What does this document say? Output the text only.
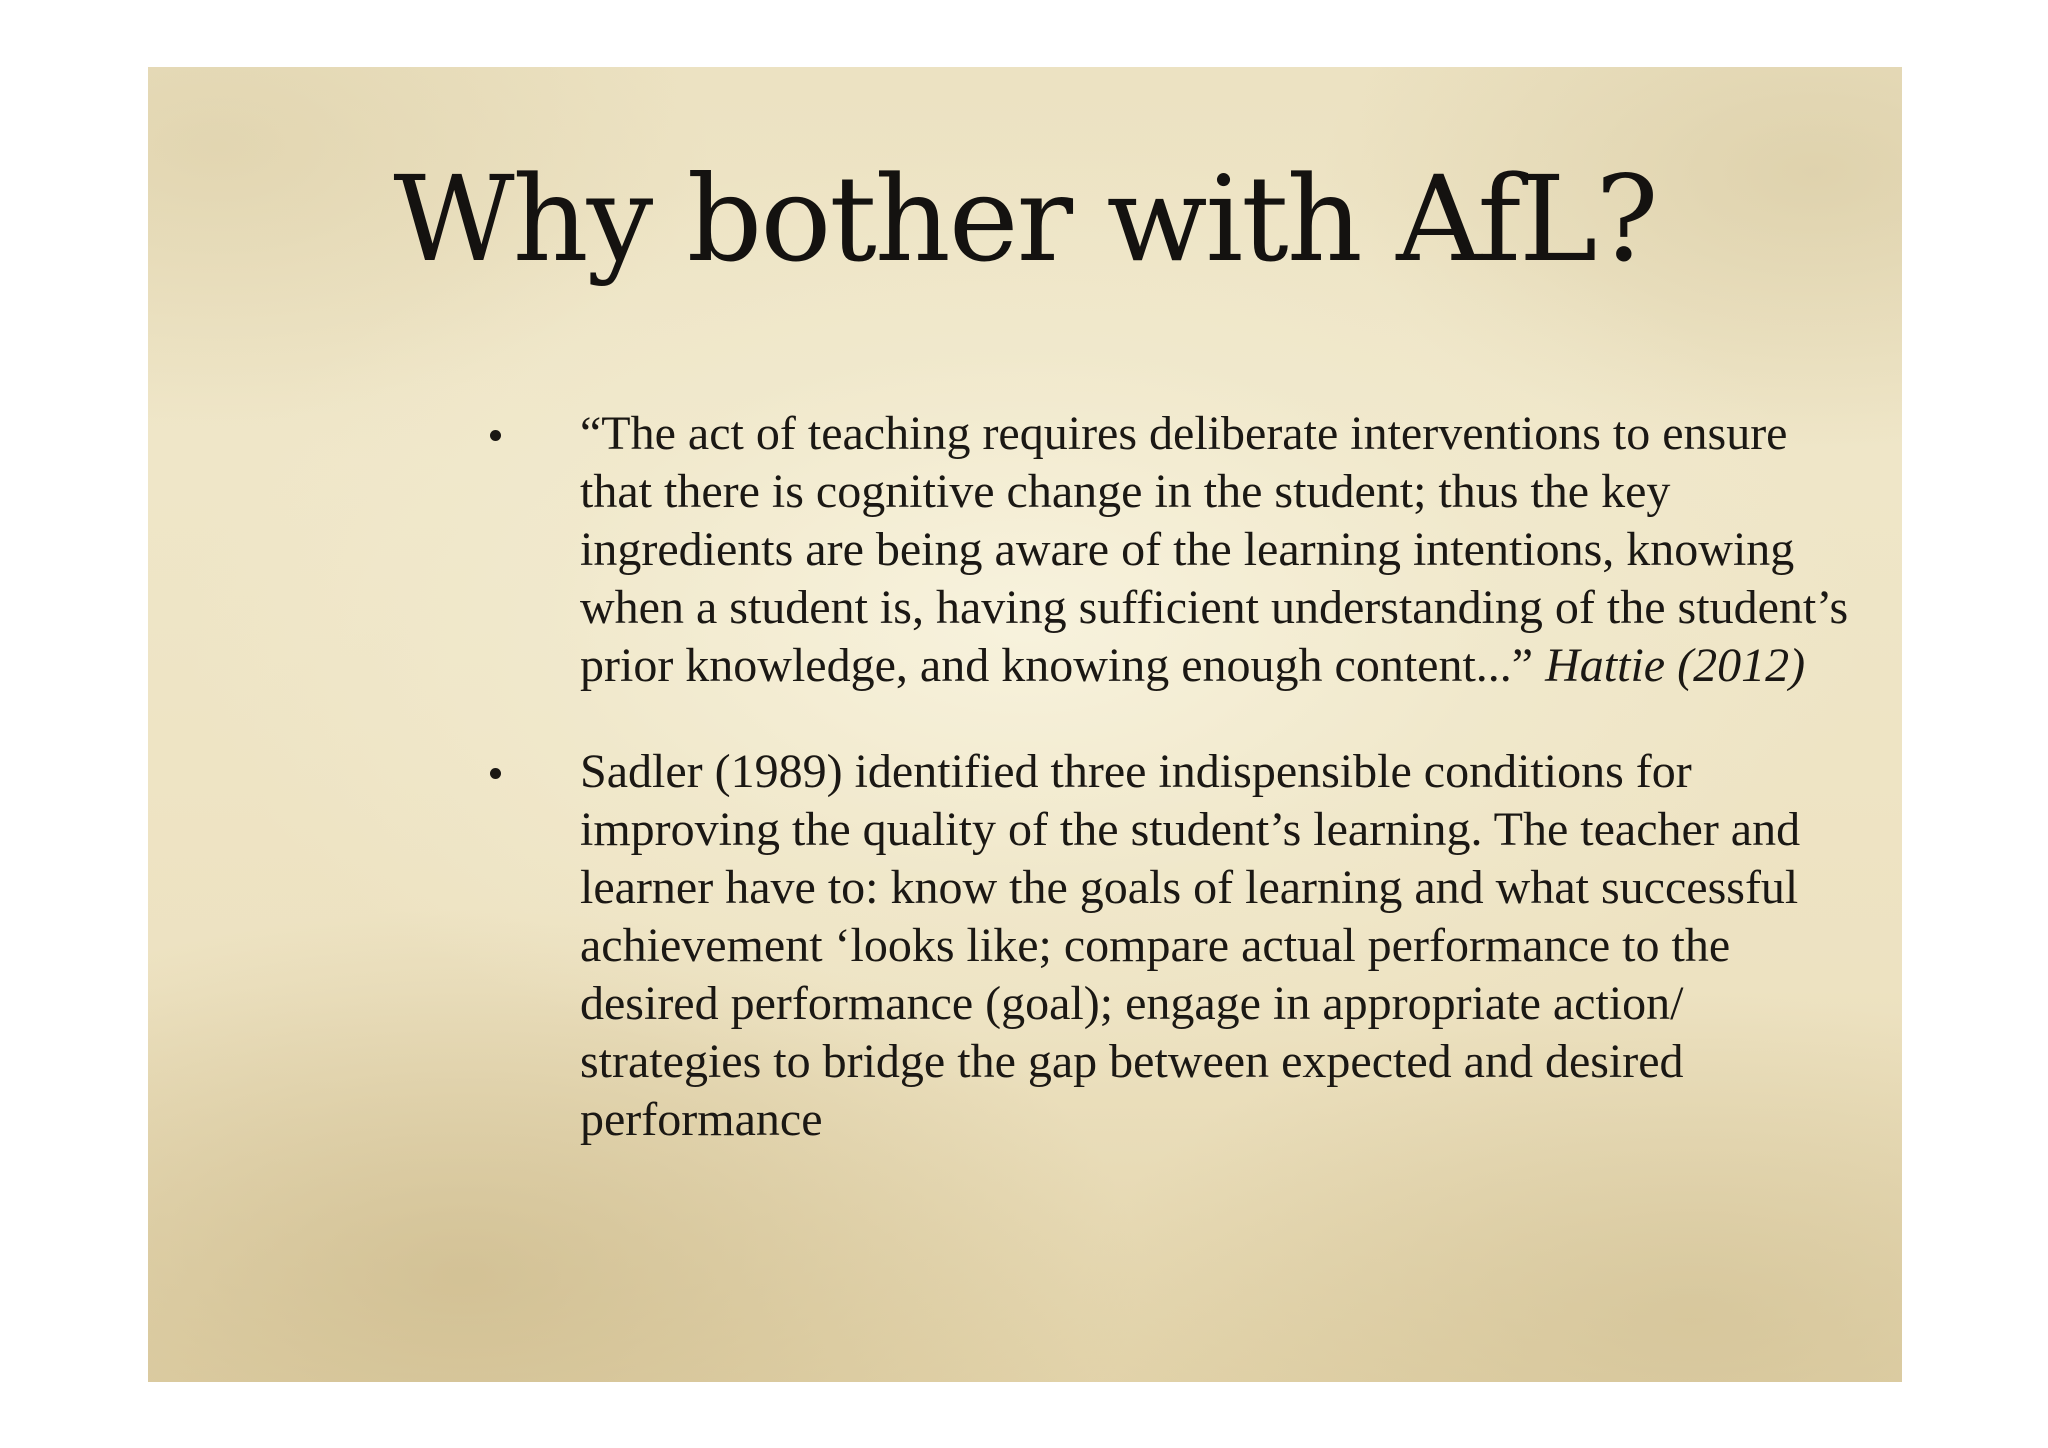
Why bother with AfL?
“The act of teaching requires deliberate interventions to ensure that there is cognitive change in the student; thus the key ingredients are being aware of the learning intentions, knowing when a student is, having sufficient understanding of the student’s prior knowledge, and knowing enough content...” Hattie (2012)
Sadler (1989) identified three indispensible conditions for improving the quality of the student’s learning. The teacher and learner have to: know the goals of learning and what successful achievement ‘looks like; compare actual performance to the desired performance (goal); engage in appropriate action/ strategies to bridge the gap between expected and desired performance
